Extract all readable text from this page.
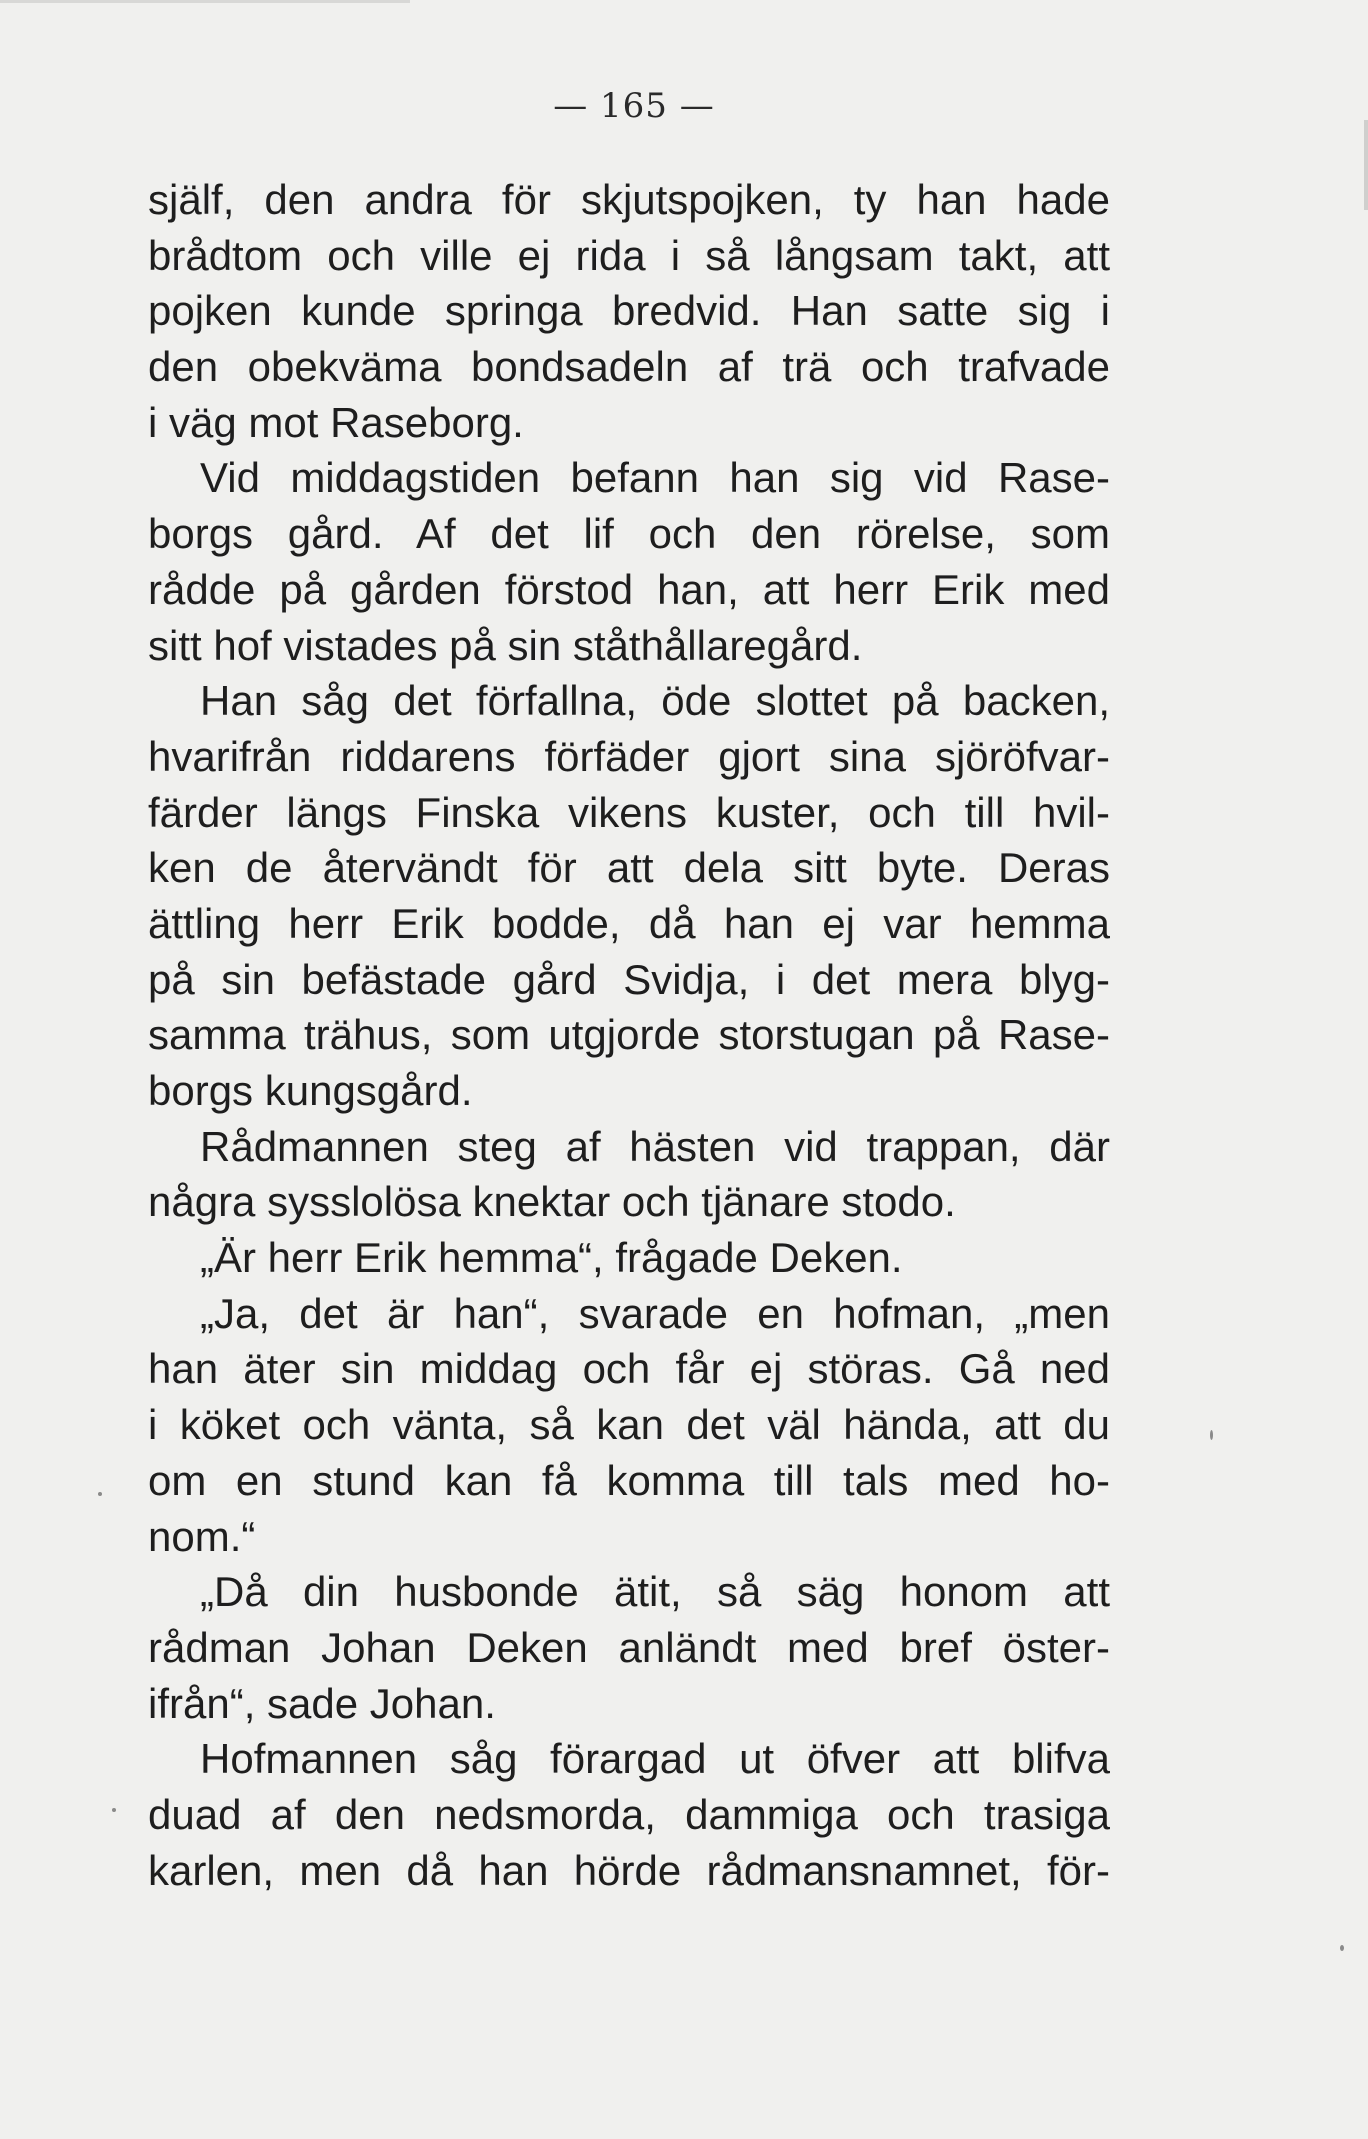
— 165 —
själf, den andra för skjutspojken, ty han hade
brådtom och ville ej rida i så långsam takt, att
pojken kunde springa bredvid. Han satte sig i
den obekväma bondsadeln af trä och trafvade
i väg mot Raseborg.
Vid middagstiden befann han sig vid Rase-
borgs gård. Af det lif och den rörelse, som
rådde på gården förstod han, att herr Erik med
sitt hof vistades på sin ståthållaregård.
Han såg det förfallna, öde slottet på backen,
hvarifrån riddarens förfäder gjort sina sjöröfvar-
färder längs Finska vikens kuster, och till hvil-
ken de återvändt för att dela sitt byte. Deras
ättling herr Erik bodde, då han ej var hemma
på sin befästade gård Svidja, i det mera blyg-
samma trähus, som utgjorde storstugan på Rase-
borgs kungsgård.
Rådmannen steg af hästen vid trappan, där
några sysslolösa knektar och tjänare stodo.
„Är herr Erik hemma“, frågade Deken.
„Ja, det är han“, svarade en hofman, „men
han äter sin middag och får ej störas. Gå ned
i köket och vänta, så kan det väl hända, att du
om en stund kan få komma till tals med ho-
nom.“
„Då din husbonde ätit, så säg honom att
rådman Johan Deken anländt med bref öster-
ifrån“, sade Johan.
Hofmannen såg förargad ut öfver att blifva
duad af den nedsmorda, dammiga och trasiga
karlen, men då han hörde rådmansnamnet, för-
